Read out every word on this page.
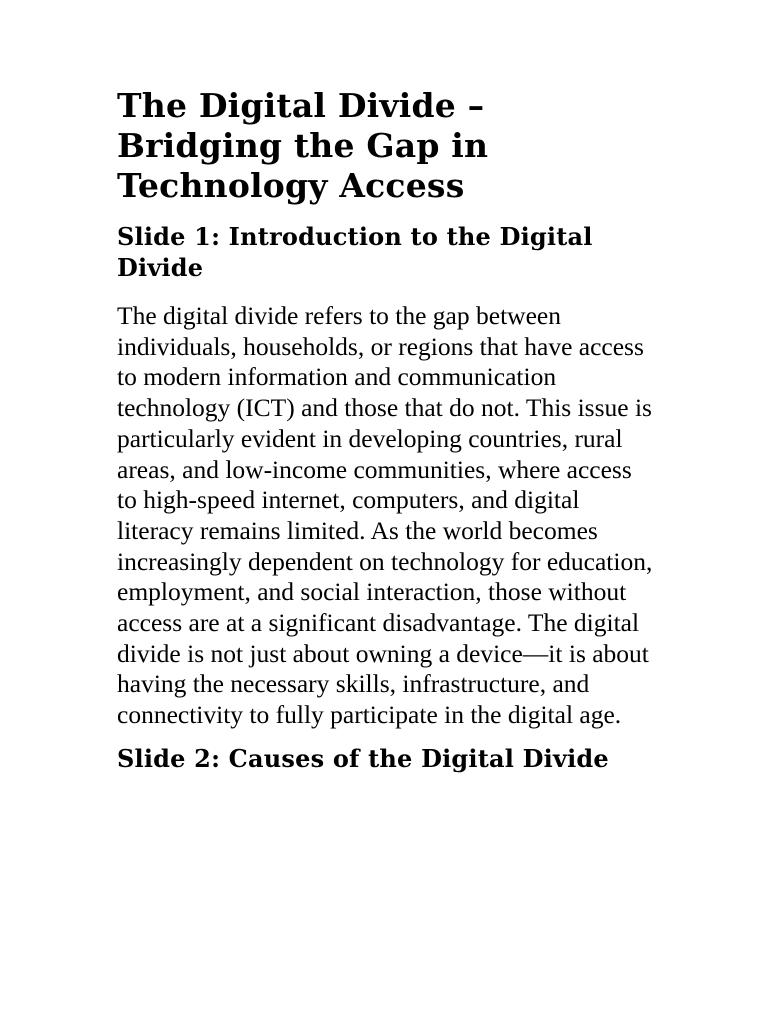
The Digital Divide – Bridging the Gap in Technology Access
Slide 1: Introduction to the Digital Divide

The digital divide refers to the gap between individuals, households, or regions that have access to modern information and communication technology (ICT) and those that do not. This issue is particularly evident in developing countries, rural areas, and low-income communities, where access to high-speed internet, computers, and digital literacy remains limited. As the world becomes increasingly dependent on technology for education, employment, and social interaction, those without access are at a significant disadvantage. The digital divide is not just about owning a device—it is about having the necessary skills, infrastructure, and connectivity to fully participate in the digital age.

Slide 2: Causes of the Digital Divide
